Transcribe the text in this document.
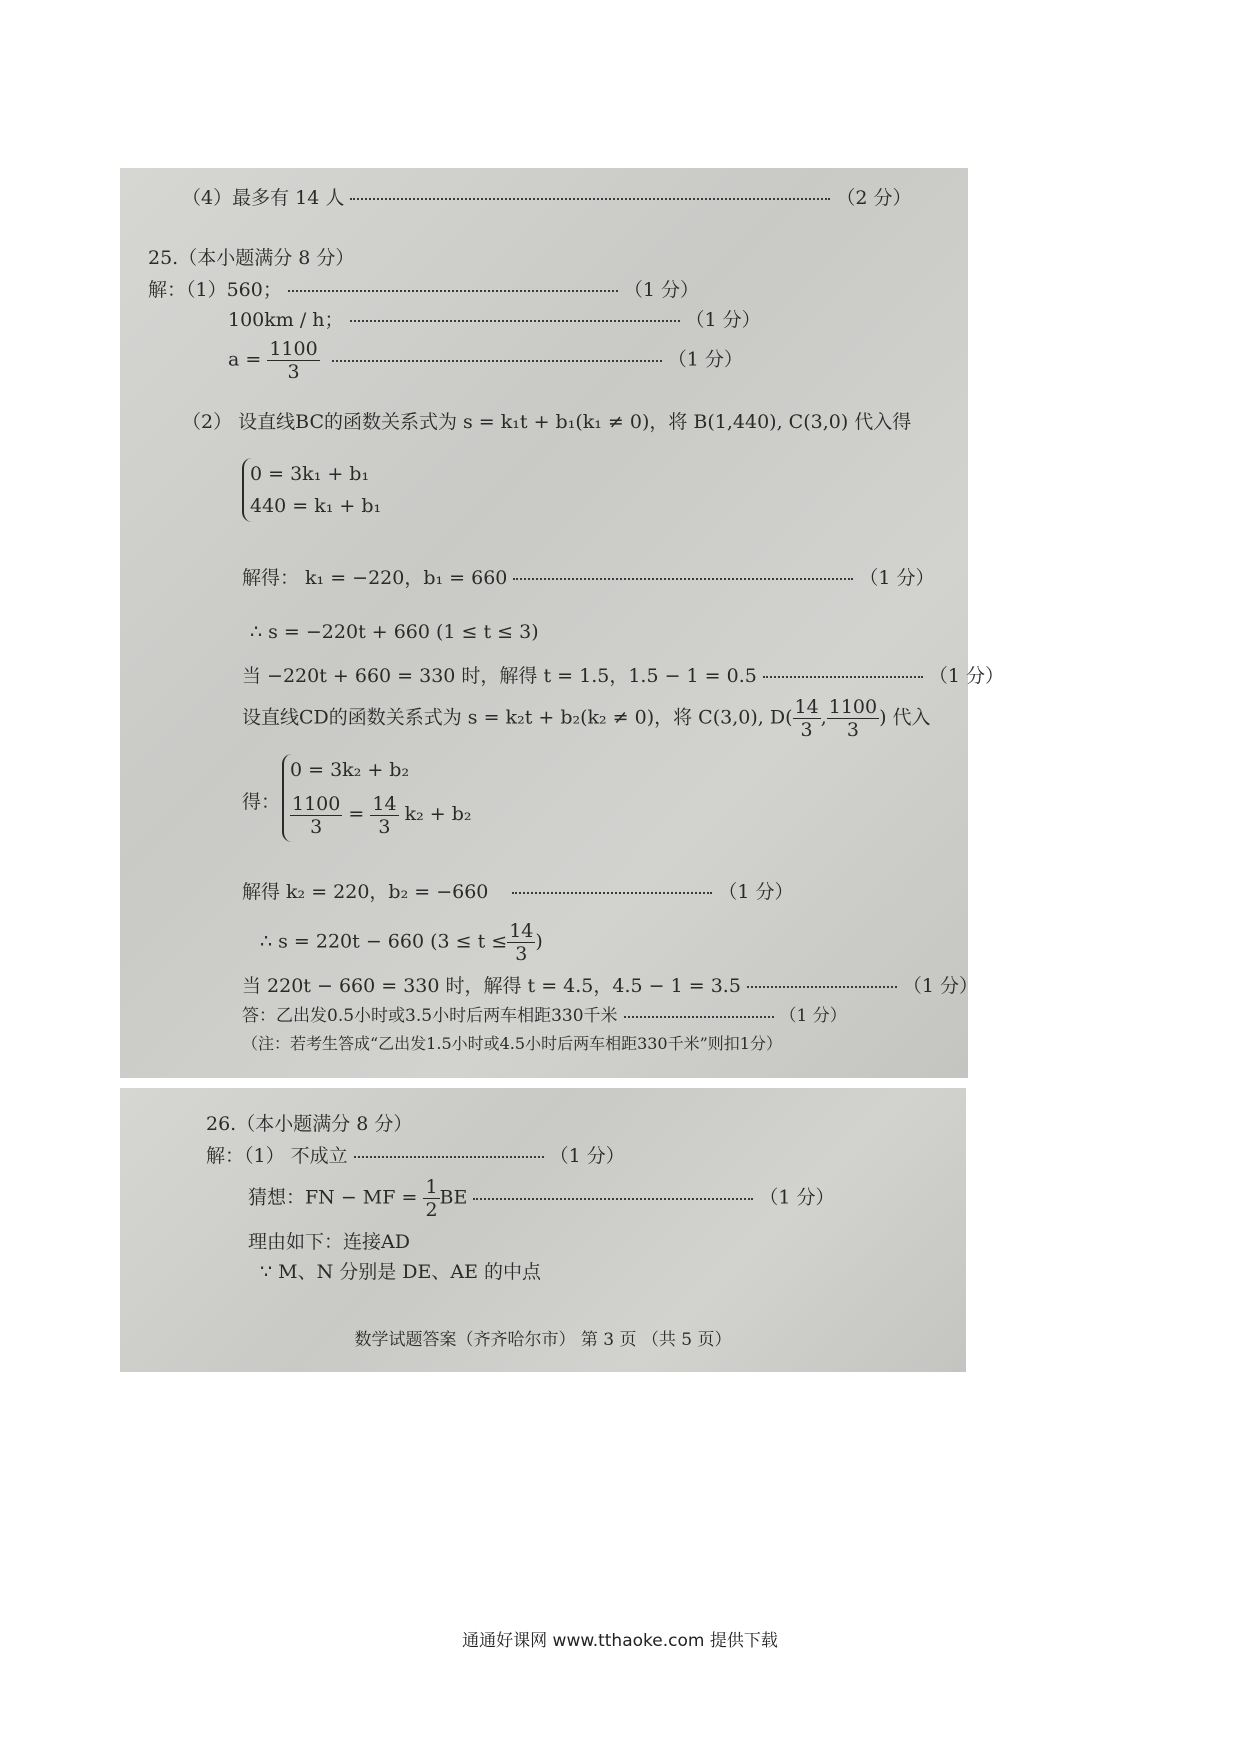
（4）最多有 14 人	（2 分）
25.（本小题满分 8 分）
解：（1）560；	（1 分）
100km / h；	（1 分）
$a = \frac{1100}{3}$	（1 分）
（2） 设直线BC的函数关系式为 s = k₁t + b₁(k₁ ≠ 0)，将 B(1,440), C(3,0) 代入得
0 = 3k₁ + b₁
440 = k₁ + b₁
解得： k₁ = −220，b₁ = 660	（1 分）
∴ s = −220t + 660 (1 ≤ t ≤ 3)
当 −220t + 660 = 330 时，解得 t = 1.5，1.5 − 1 = 0.5	（1 分）
设直线CD的函数关系式为 s = k₂t + b₂(k₂ ≠ 0)，将 C(3,0), $D( \frac{14}{3}$ , $\frac{1100}{3}$ ) 代入
得：
0 = 3k₂ + b₂
$\frac{1100}{3} = \frac{14}{3} k_2 + b_2$
解得 k₂ = 220，b₂ = −660	（1 分）
∴ s = 220t − 660 ($3 \le t \le \frac{14}{3}$ )
当 220t − 660 = 330 时，解得 t = 4.5，4.5 − 1 = 3.5	（1 分）
答：乙出发0.5小时或3.5小时后两车相距330千米	（1 分）
（注：若考生答成“乙出发1.5小时或4.5小时后两车相距330千米”则扣1分）
26.（本小题满分 8 分）
解：（1） 不成立	（1 分）
猜想：FN − MF = $\frac{1}{2}$ BE	（1 分）
理由如下：连接AD
∵ M、N 分别是 DE、AE 的中点
数学试题答案（齐齐哈尔市） 第 3 页 （共 5 页）
通通好课网 www.tthaoke.com 提供下载
